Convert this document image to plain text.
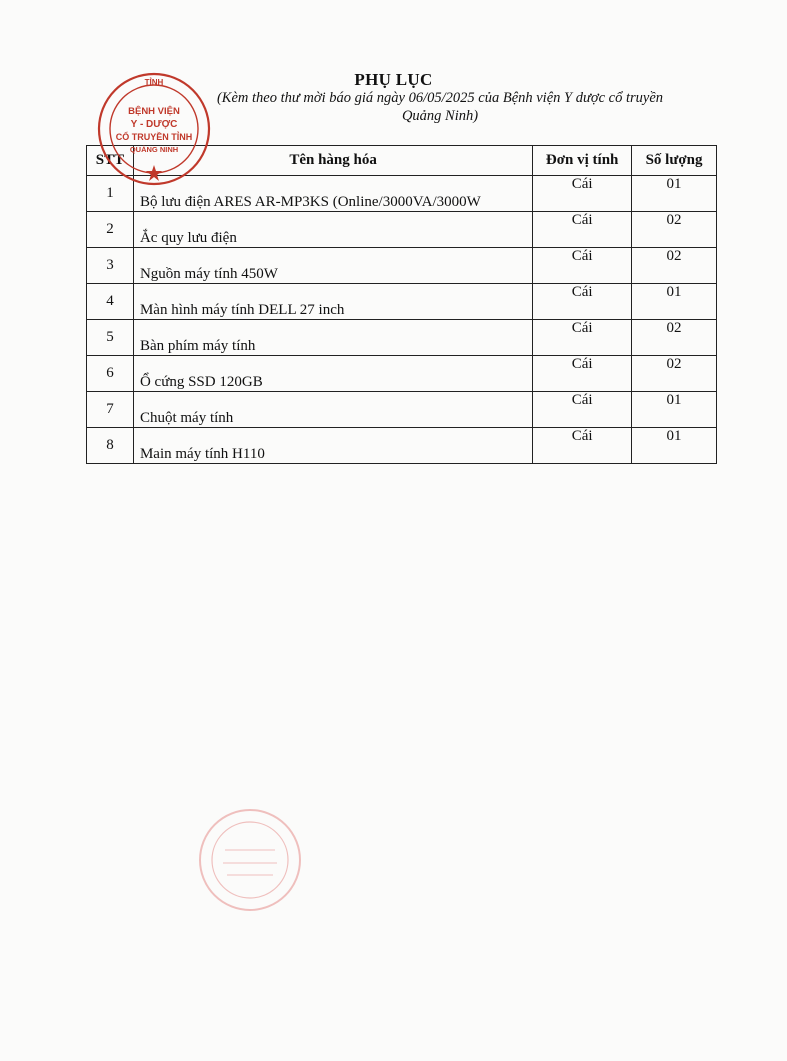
PHỤ LỤC
(Kèm theo thư mời báo giá ngày 06/05/2025 của Bệnh viện Y dược cổ truyền
Quảng Ninh)
STT	Tên hàng hóa	Đơn vị tính	Số lượng
1	Bộ lưu điện ARES AR-MP3KS (Online/3000VA/3000W	Cái	01
2	Ắc quy lưu điện	Cái	02
3	Nguồn máy tính 450W	Cái	02
4	Màn hình máy tính DELL 27 inch	Cái	01
5	Bàn phím máy tính	Cái	02
6	Ổ cứng SSD 120GB	Cái	02
7	Chuột máy tính	Cái	01
8	Main máy tính H110	Cái	01
TỈNH
BỆNH VIỆN
Y - DƯỢC
CỔ TRUYỀN TỈNH
QUẢNG NINH
